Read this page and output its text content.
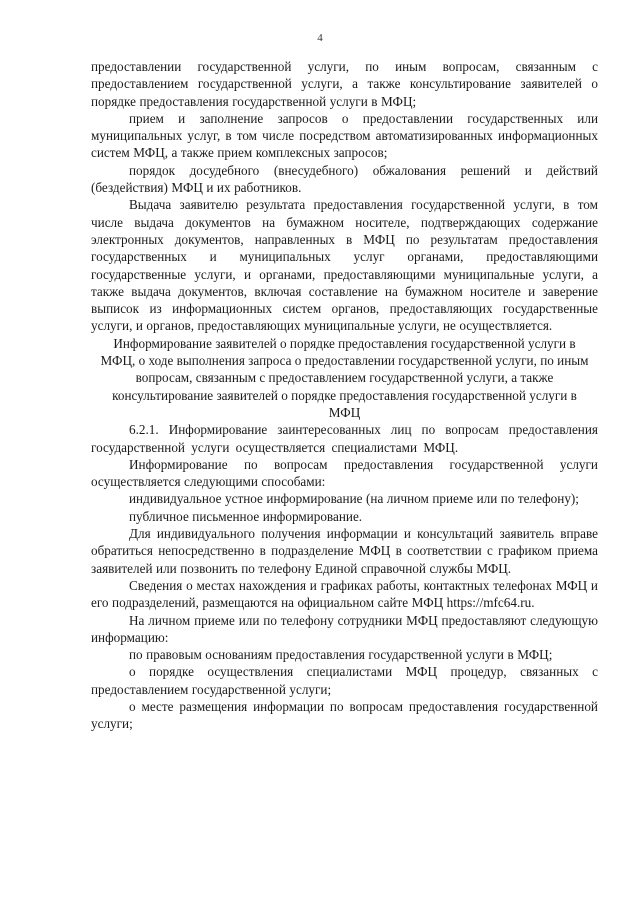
4

предоставлении государственной услуги, по иным вопросам, связанным с предоставлением государственной услуги, а также консультирование заявителей о порядке предоставления государственной услуги в МФЦ;

прием и заполнение запросов о предоставлении государственных или муниципальных услуг, в том числе посредством автоматизированных информационных систем МФЦ, а также прием комплексных запросов;

порядок досудебного (внесудебного) обжалования решений и действий (бездействия) МФЦ и их работников.

Выдача заявителю результата предоставления государственной услуги, в том числе выдача документов на бумажном носителе, подтверждающих содержание электронных документов, направленных в МФЦ по результатам предоставления государственных и муниципальных услуг органами, предоставляющими государственные услуги, и органами, предоставляющими муниципальные услуги, а также выдача документов, включая составление на бумажном носителе и заверение выписок из информационных систем органов, предоставляющих государственные услуги, и органов, предоставляющих муниципальные услуги, не осуществляется.

Информирование заявителей о порядке предоставления государственной услуги в МФЦ, о ходе выполнения запроса о предоставлении государственной услуги, по иным вопросам, связанным с предоставлением государственной услуги, а также консультирование заявителей о порядке предоставления государственной услуги в МФЦ

6.2.1. Информирование заинтересованных лиц по вопросам предоставления государственной услуги осуществляется специалистами МФЦ.

Информирование по вопросам предоставления государственной услуги осуществляется следующими способами:

индивидуальное устное информирование (на личном приеме или по телефону);

публичное письменное информирование.

Для индивидуального получения информации и консультаций заявитель вправе обратиться непосредственно в подразделение МФЦ в соответствии с графиком приема заявителей или позвонить по телефону Единой справочной службы МФЦ.

Сведения о местах нахождения и графиках работы, контактных телефонах МФЦ и его подразделений, размещаются на официальном сайте МФЦ https://mfc64.ru.

На личном приеме или по телефону сотрудники МФЦ предоставляют следующую информацию:

по правовым основаниям предоставления государственной услуги в МФЦ;

о порядке осуществления специалистами МФЦ процедур, связанных с предоставлением государственной услуги;

о месте размещения информации по вопросам предоставления государственной услуги;
